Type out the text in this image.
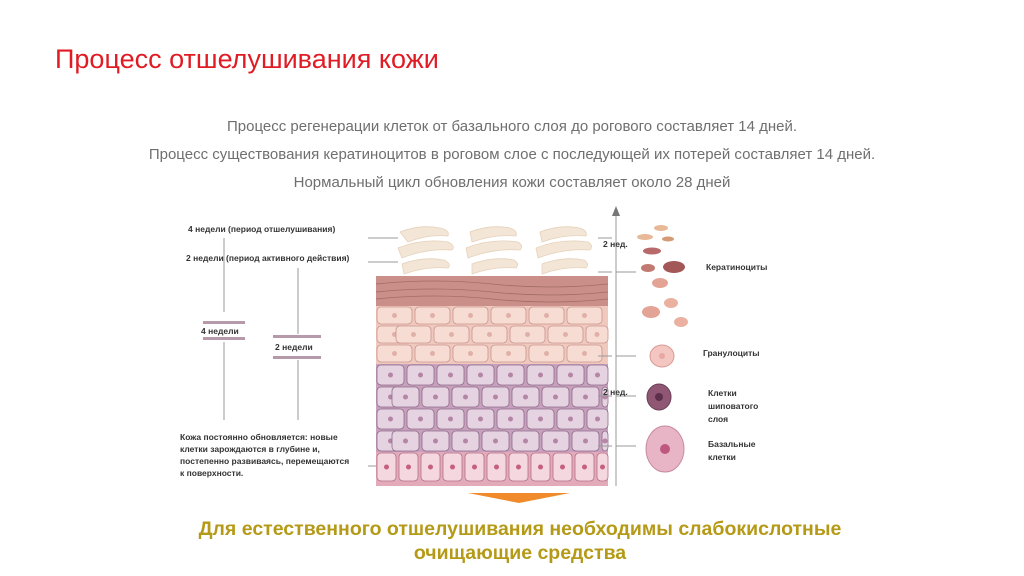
Процесс отшелушивания кожи
Процесс регенерации клеток от базального слоя до рогового составляет 14 дней.
Процесс существования кератиноцитов в роговом слое с последующей их потерей составляет 14 дней.
Нормальный цикл обновления кожи составляет около 28 дней
4 недели (период отшелушивания)
2 недели (период активного действия)
4 недели
2 недели
Кожа постоянно обновляется: новые
клетки зарождаются в глубине и,
постепенно развиваясь, перемещаются
к поверхности.
2 нед.
2 нед.
Кератиноциты
Гранулоциты
Клетки
шиповатого
слоя
Базальные
клетки
Для естественного отшелушивания необходимы слабокислотные
очищающие средства
